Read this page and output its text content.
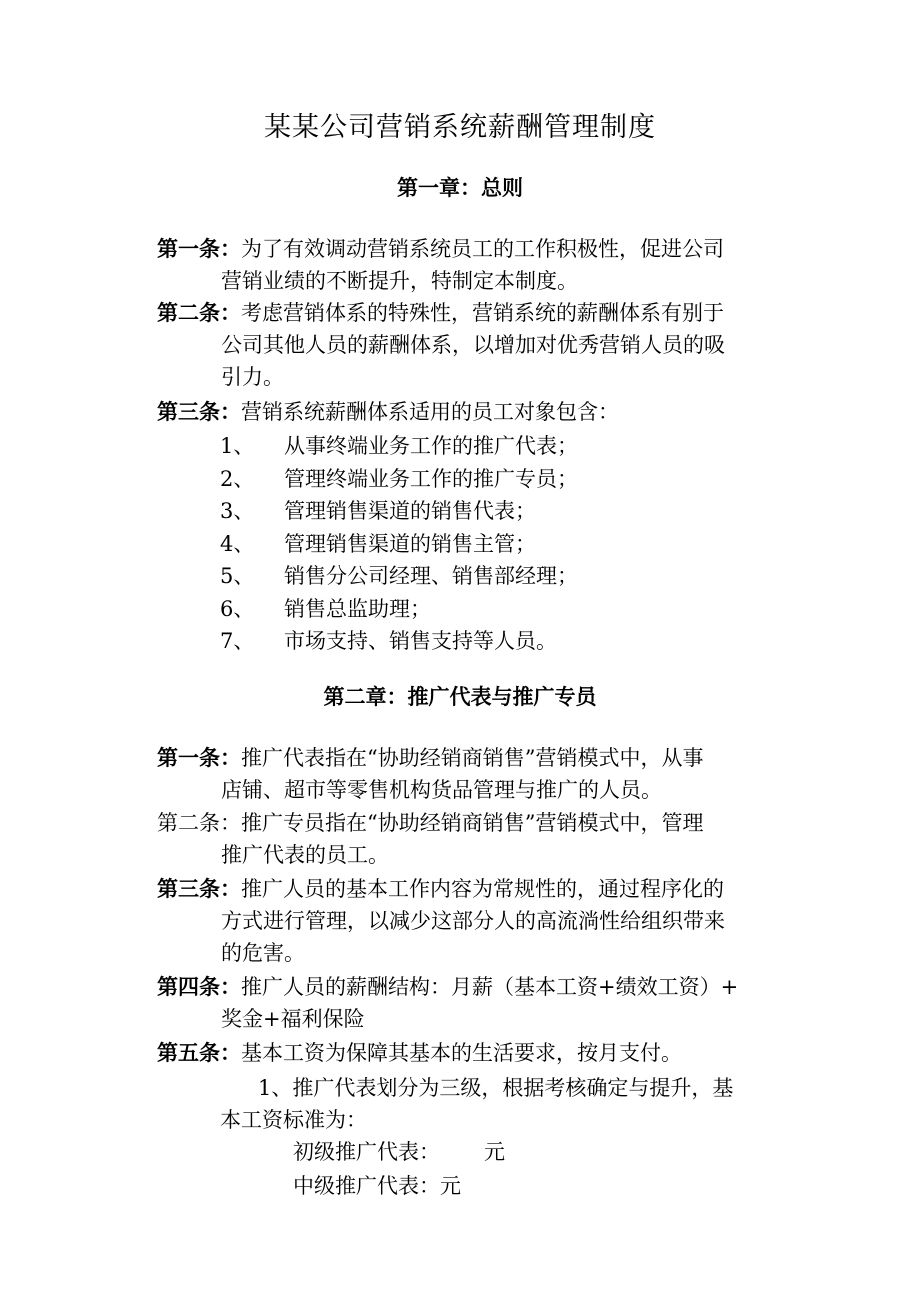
某某公司营销系统薪酬管理制度
第一章：总则
第一条：为了有效调动营销系统员工的工作积极性，促进公司
营销业绩的不断提升，特制定本制度。
第二条：考虑营销体系的特殊性，营销系统的薪酬体系有别于
公司其他人员的薪酬体系，以增加对优秀营销人员的吸
引力。
第三条：营销系统薪酬体系适用的员工对象包含：
1、	从事终端业务工作的推广代表；
2、	管理终端业务工作的推广专员；
3、	管理销售渠道的销售代表；
4、	管理销售渠道的销售主管；
5、	销售分公司经理、销售部经理；
6、	销售总监助理；
7、	市场支持、销售支持等人员。
第二章：推广代表与推广专员
第一条：推广代表指在“协助经销商销售”营销模式中，从事
店铺、超市等零售机构货品管理与推广的人员。
第二条：推广专员指在“协助经销商销售”营销模式中，管理
推广代表的员工。
第三条：推广人员的基本工作内容为常规性的，通过程序化的
方式进行管理，以减少这部分人的高流淌性给组织带来
的危害。
第四条：推广人员的薪酬结构：月薪（基本工资+绩效工资）+
奖金+福利保险
第五条：基本工资为保障其基本的生活要求，按月支付。
1、推广代表划分为三级，根据考核确定与提升，基
本工资标准为：
初级推广代表： 元
中级推广代表：元
